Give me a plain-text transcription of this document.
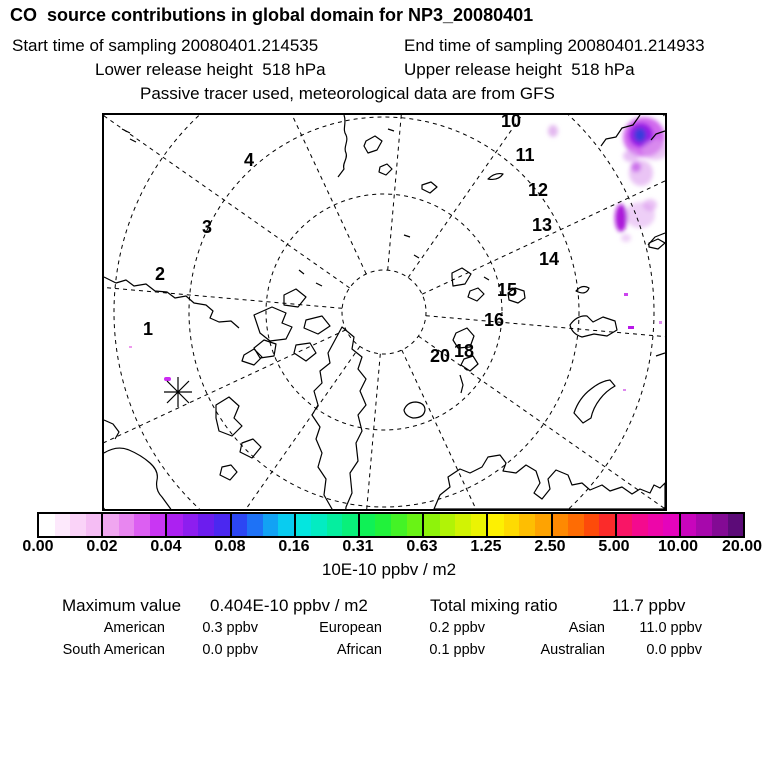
CO  source contributions in global domain for NP3_20080401
Start time of sampling 20080401.214535	End time of sampling 20080401.214933
Lower release height  518 hPa	Upper release height  518 hPa
Passive tracer used, meteorological data are from GFS
1
2
3
4
10
11
12
13
14
15
16
18
20
0.00 0.02 0.04 0.08 0.16 0.31 0.63 1.25 2.50 5.00 10.00 20.00
10E-10 ppbv / m2
Maximum value 0.404E-10 ppbv / m2	Total mixing ratio	11.7 ppbv
American	0.3 ppbv	European	0.2 ppbv	Asian	11.0 ppbv
South American	0.0 ppbv	African	0.1 ppbv	Australian	0.0 ppbv
